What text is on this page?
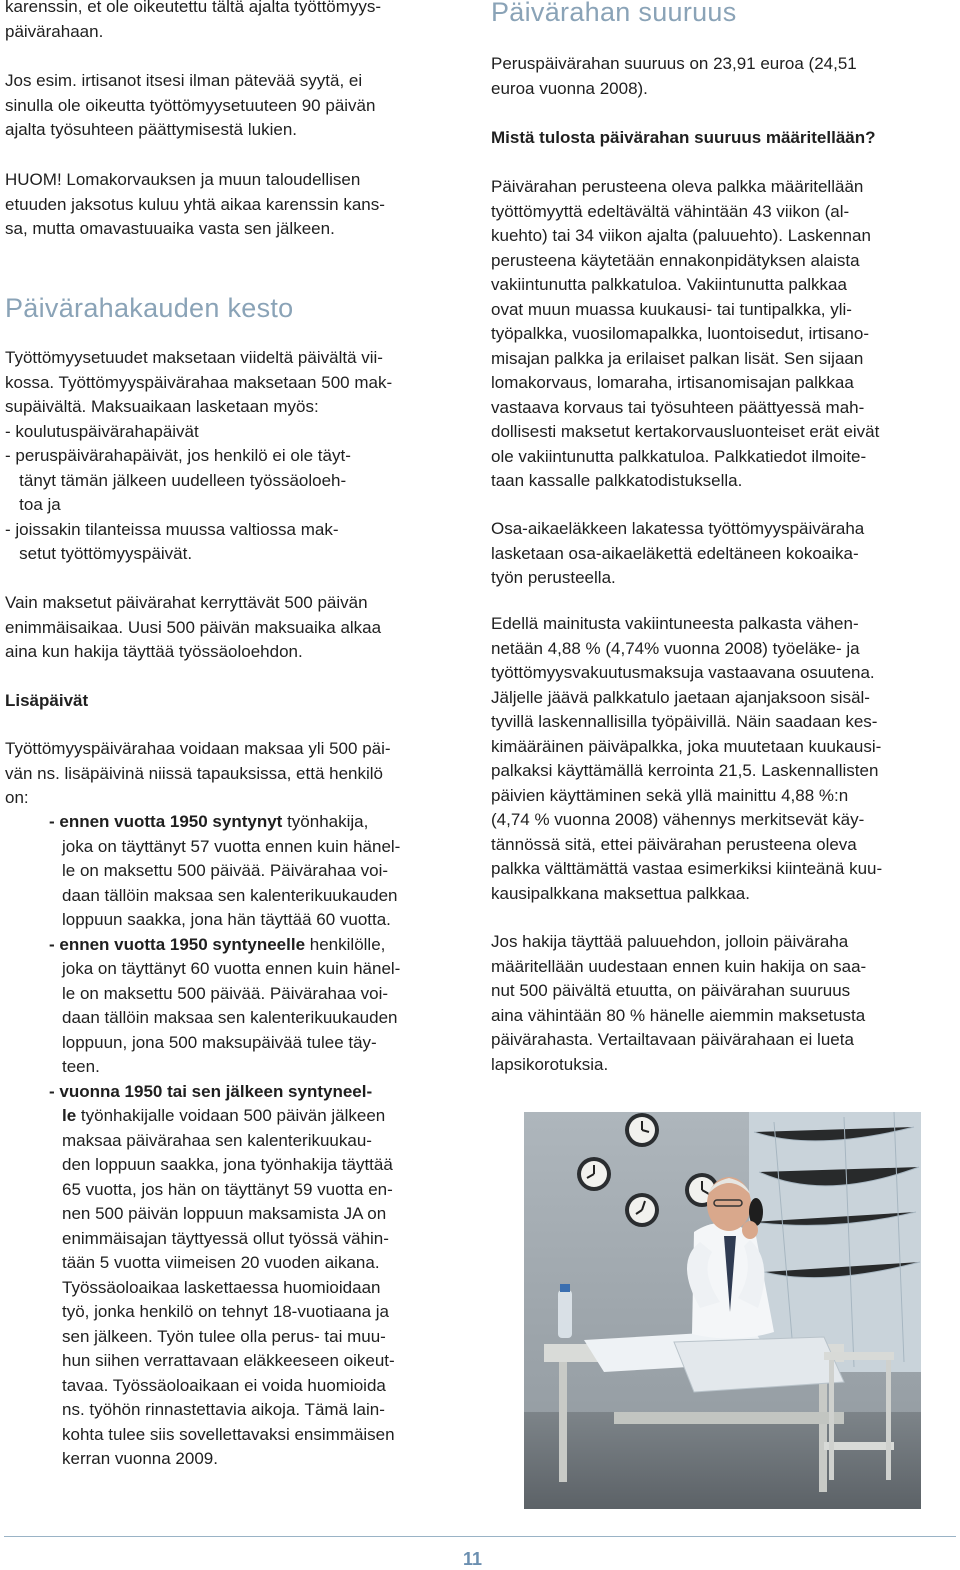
karenssin, et ole oikeutettu tältä ajalta työttömyys-

päivärahaan.

Jos esim. irtisanot itsesi ilman pätevää syytä, ei

sinulla ole oikeutta työttömyysetuuteen 90 päivän

ajalta työsuhteen päättymisestä lukien.

HUOM! Lomakorvauksen ja muun taloudellisen

etuuden jaksotus kuluu yhtä aikaa karenssin kans-

sa, mutta omavastuuaika vasta sen jälkeen.

Päivärahakauden kesto

Työttömyysetuudet maksetaan viideltä päivältä vii-

kossa. Työttömyyspäivärahaa maksetaan 500 mak-

supäivältä. Maksuaikaan lasketaan myös:

- koulutuspäivärahapäivät

- peruspäivärahapäivät, jos henkilö ei ole täyt-

tänyt tämän jälkeen uudelleen työssäoloeh-

toa ja

- joissakin tilanteissa muussa valtiossa mak-

setut työttömyyspäivät.

Vain maksetut päivärahat kerryttävät 500 päivän

enimmäisaikaa. Uusi 500 päivän maksuaika alkaa

aina kun hakija täyttää työssäoloehdon.

Lisäpäivät

Työttömyyspäivärahaa voidaan maksaa yli 500 päi-

vän ns. lisäpäivinä niissä tapauksissa, että henkilö

on:

- ennen vuotta 1950 syntynyt työnhakija,

joka on täyttänyt 57 vuotta ennen kuin hänel-

le on maksettu 500 päivää. Päivärahaa voi-

daan tällöin maksaa sen kalenterikuukauden

loppuun saakka, jona hän täyttää 60 vuotta.

- ennen vuotta 1950 syntyneelle henkilölle,

joka on täyttänyt 60 vuotta ennen kuin hänel-

le on maksettu 500 päivää. Päivärahaa voi-

daan tällöin maksaa sen kalenterikuukauden

loppuun, jona 500 maksupäivää tulee täy-

teen.

- vuonna 1950 tai sen jälkeen syntyneel-

le työnhakijalle voidaan 500 päivän jälkeen

maksaa päivärahaa sen kalenterikuukau-

den loppuun saakka, jona työnhakija täyttää

65 vuotta, jos hän on täyttänyt 59 vuotta en-

nen 500 päivän loppuun maksamista JA on

enimmäisajan täyttyessä ollut työssä vähin-

tään 5 vuotta viimeisen 20 vuoden aikana.

Työssäoloaikaa laskettaessa huomioidaan

työ, jonka henkilö on tehnyt 18-vuotiaana ja

sen jälkeen. Työn tulee olla perus- tai muu-

hun siihen verrattavaan eläkkeeseen oikeut-

tavaa. Työssäoloaikaan ei voida huomioida

ns. työhön rinnastettavia aikoja. Tämä lain-

kohta tulee siis sovellettavaksi ensimmäisen

kerran vuonna 2009.

Päivärahan suuruus

Peruspäivärahan suuruus on 23,91 euroa (24,51

euroa vuonna 2008).

Mistä tulosta päivärahan suuruus määritellään?

Päivärahan perusteena oleva palkka määritellään

työttömyyttä edeltävältä vähintään 43 viikon (al-

kuehto) tai 34 viikon ajalta (paluuehto). Laskennan

perusteena käytetään ennakonpidätyksen alaista

vakiintunutta palkkatuloa. Vakiintunutta palkkaa

ovat muun muassa kuukausi- tai tuntipalkka, yli-

työpalkka, vuosilomapalkka, luontoisedut, irtisano-

misajan palkka ja erilaiset palkan lisät. Sen sijaan

lomakorvaus, lomaraha, irtisanomisajan palkkaa

vastaava korvaus tai työsuhteen päättyessä mah-

dollisesti maksetut kertakorvausluonteiset erät eivät

ole vakiintunutta palkkatuloa. Palkkatiedot ilmoite-

taan kassalle palkkatodistuksella.

Osa-aikaeläkkeen lakatessa työttömyyspäiväraha

lasketaan osa-aikaeläkettä edeltäneen kokoaika-

työn perusteella.

Edellä mainitusta vakiintuneesta palkasta vähen-

netään 4,88 % (4,74% vuonna 2008) työeläke- ja

työttömyysvakuutusmaksuja vastaavana osuutena.

Jäljelle jäävä palkkatulo jaetaan ajanjaksoon sisäl-

tyvillä laskennallisilla työpäivillä. Näin saadaan kes-

kimääräinen päiväpalkka, joka muutetaan kuukausi-

palkaksi käyttämällä kerrointa 21,5. Laskennallisten

päivien käyttäminen sekä yllä mainittu 4,88 %:n

(4,74 % vuonna 2008) vähennys merkitsevät käy-

tännössä sitä, ettei päivärahan perusteena oleva

palkka välttämättä vastaa esimerkiksi kiinteänä kuu-

kausipalkkana maksettua palkkaa.

Jos hakija täyttää paluuehdon, jolloin päiväraha

määritellään uudestaan ennen kuin hakija on saa-

nut 500 päivältä etuutta, on päivärahan suuruus

aina vähintään 80 % hänelle aiemmin maksetusta

päivärahasta. Vertailtavaan päivärahaan ei lueta

lapsikorotuksia.

11
